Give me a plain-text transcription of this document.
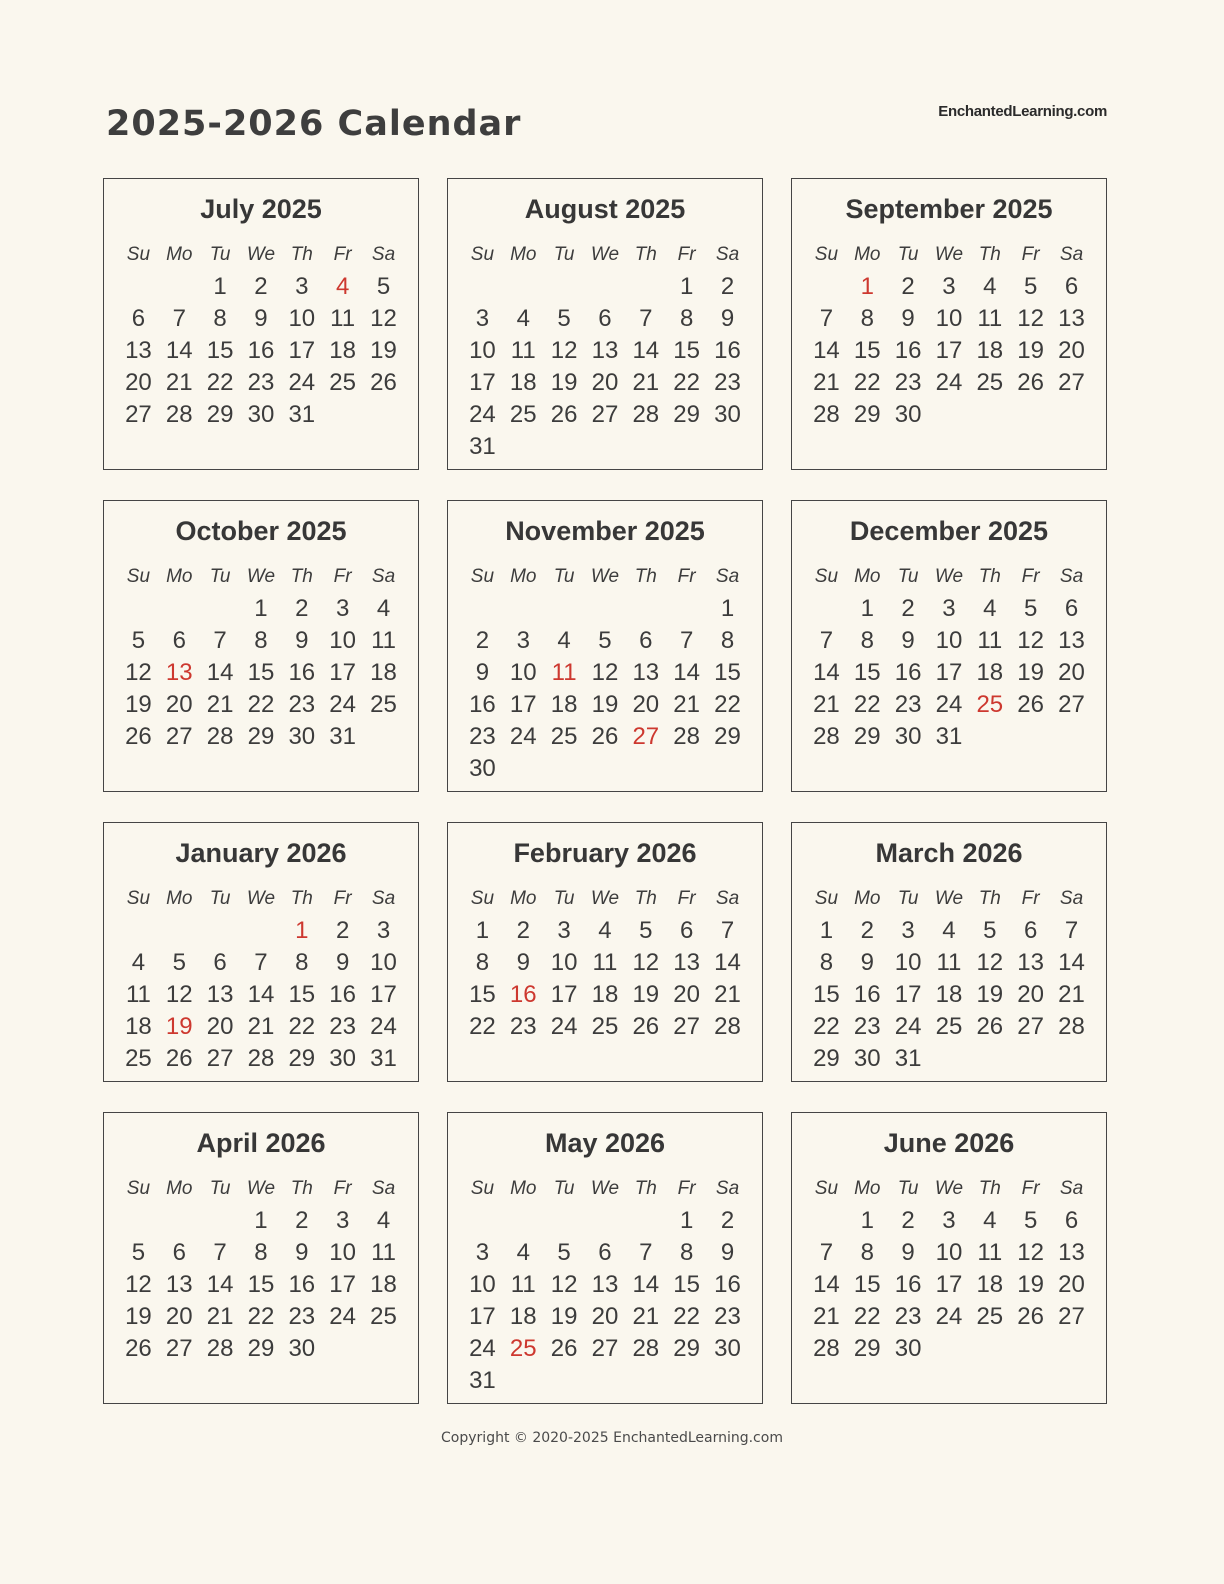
EnchantedLearning.com
2025-2026 Calendar
July 2025
Su	Mo	Tu	We	Th	Fr	Sa
		1	2	3	4	5
6	7	8	9	10	11	12
13	14	15	16	17	18	19
20	21	22	23	24	25	26
27	28	29	30	31		
August 2025
Su	Mo	Tu	We	Th	Fr	Sa
					1	2
3	4	5	6	7	8	9
10	11	12	13	14	15	16
17	18	19	20	21	22	23
24	25	26	27	28	29	30
31						
September 2025
Su	Mo	Tu	We	Th	Fr	Sa
	1	2	3	4	5	6
7	8	9	10	11	12	13
14	15	16	17	18	19	20
21	22	23	24	25	26	27
28	29	30				
October 2025
Su	Mo	Tu	We	Th	Fr	Sa
			1	2	3	4
5	6	7	8	9	10	11
12	13	14	15	16	17	18
19	20	21	22	23	24	25
26	27	28	29	30	31	
November 2025
Su	Mo	Tu	We	Th	Fr	Sa
						1
2	3	4	5	6	7	8
9	10	11	12	13	14	15
16	17	18	19	20	21	22
23	24	25	26	27	28	29
30						
December 2025
Su	Mo	Tu	We	Th	Fr	Sa
	1	2	3	4	5	6
7	8	9	10	11	12	13
14	15	16	17	18	19	20
21	22	23	24	25	26	27
28	29	30	31			
January 2026
Su	Mo	Tu	We	Th	Fr	Sa
				1	2	3
4	5	6	7	8	9	10
11	12	13	14	15	16	17
18	19	20	21	22	23	24
25	26	27	28	29	30	31
February 2026
Su	Mo	Tu	We	Th	Fr	Sa
1	2	3	4	5	6	7
8	9	10	11	12	13	14
15	16	17	18	19	20	21
22	23	24	25	26	27	28
March 2026
Su	Mo	Tu	We	Th	Fr	Sa
1	2	3	4	5	6	7
8	9	10	11	12	13	14
15	16	17	18	19	20	21
22	23	24	25	26	27	28
29	30	31				
April 2026
Su	Mo	Tu	We	Th	Fr	Sa
			1	2	3	4
5	6	7	8	9	10	11
12	13	14	15	16	17	18
19	20	21	22	23	24	25
26	27	28	29	30		
May 2026
Su	Mo	Tu	We	Th	Fr	Sa
					1	2
3	4	5	6	7	8	9
10	11	12	13	14	15	16
17	18	19	20	21	22	23
24	25	26	27	28	29	30
31						
June 2026
Su	Mo	Tu	We	Th	Fr	Sa
	1	2	3	4	5	6
7	8	9	10	11	12	13
14	15	16	17	18	19	20
21	22	23	24	25	26	27
28	29	30				
Copyright © 2020-2025 EnchantedLearning.com
